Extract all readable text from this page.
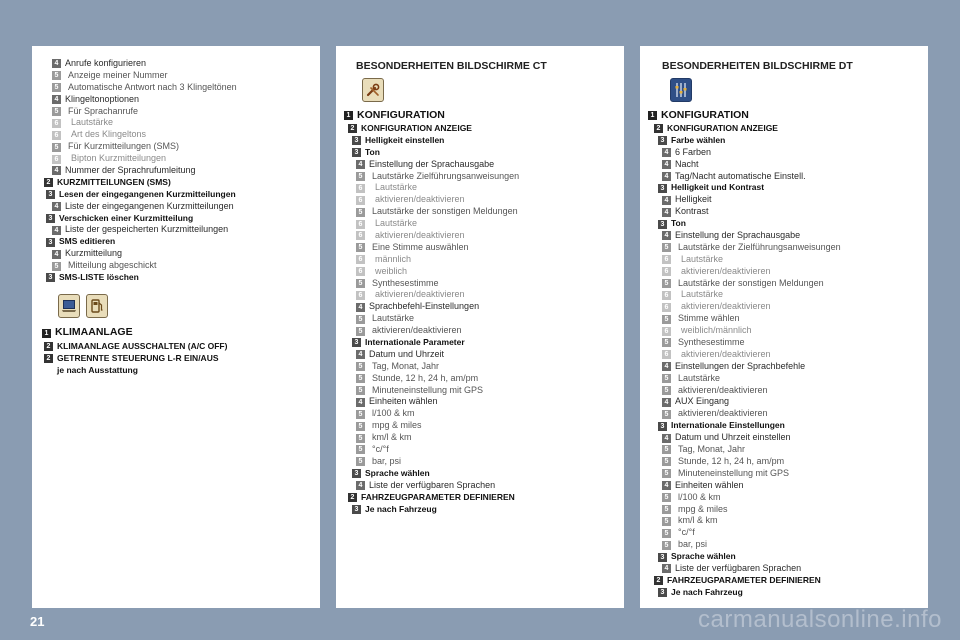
4 Anrufe konfigurieren
5	Anzeige meiner Nummer
5	Automatische Antwort nach 3 Klingeltönen
4 Klingeltonoptionen
5	Für Sprachanrufe
6	Lautstärke
6	Art des Klingeltons
5	Für Kurzmitteilungen (SMS)
6	Bipton Kurzmitteilungen
4 Nummer der Sprachrufumleitung
2 KURZMITTEILUNGEN (SMS)
3 Lesen der eingegangenen Kurzmitteilungen
4 Liste der eingegangenen Kurzmitteilungen
3 Verschicken einer Kurzmitteilung
4 Liste der gespeicherten Kurzmitteilungen
3 SMS editieren
4 Kurzmitteilung
5	Mitteilung abgeschickt
3 SMS-LISTE löschen
1 KLIMAANLAGE
2 KLIMAANLAGE AUSSCHALTEN (A/C OFF)
2 GETRENNTE STEUERUNG L-R EIN/AUS
je nach Ausstattung
BESONDERHEITEN BILDSCHIRME CT
1 KONFIGURATION
2 KONFIGURATION ANZEIGE
3 Helligkeit einstellen
3 Ton
4 Einstellung der Sprachausgabe
5	Lautstärke Zielführungsanweisungen
6	Lautstärke
6	aktivieren/deaktivieren
5	Lautstärke der sonstigen Meldungen
6	Lautstärke
6	aktivieren/deaktivieren
5	Eine Stimme auswählen
6	männlich
6	weiblich
5	Synthesestimme
6	aktivieren/deaktivieren
4 Sprachbefehl-Einstellungen
5	Lautstärke
5	aktivieren/deaktivieren
3 Internationale Parameter
4 Datum und Uhrzeit
5	Tag, Monat, Jahr
5	Stunde, 12 h, 24 h, am/pm
5	Minuteneinstellung mit GPS
4 Einheiten wählen
5	l/100 & km
5	mpg & miles
5	km/l & km
5	°c/°f
5	bar, psi
3 Sprache wählen
4 Liste der verfügbaren Sprachen
2 FAHRZEUGPARAMETER DEFINIEREN
3 Je nach Fahrzeug
BESONDERHEITEN BILDSCHIRME DT
1 KONFIGURATION
2 KONFIGURATION ANZEIGE
3 Farbe wählen
4 6 Farben
4 Nacht
4 Tag/Nacht automatische Einstell.
3 Helligkeit und Kontrast
4 Helligkeit
4 Kontrast
3 Ton
4 Einstellung der Sprachausgabe
5	Lautstärke der Zielführungsanweisungen
6	Lautstärke
6	aktivieren/deaktivieren
5	Lautstärke der sonstigen Meldungen
6	Lautstärke
6	aktivieren/deaktivieren
5	Stimme wählen
6	weiblich/männlich
5	Synthesestimme
6	aktivieren/deaktivieren
4 Einstellungen der Sprachbefehle
5	Lautstärke
5	aktivieren/deaktivieren
4 AUX Eingang
5	aktivieren/deaktivieren
3 Internationale Einstellungen
4 Datum und Uhrzeit einstellen
5	Tag, Monat, Jahr
5	Stunde, 12 h, 24 h, am/pm
5	Minuteneinstellung mit GPS
4 Einheiten wählen
5	l/100 & km
5	mpg & miles
5	km/l & km
5	°c/°f
5	bar, psi
3 Sprache wählen
4 Liste der verfügbaren Sprachen
2 FAHRZEUGPARAMETER DEFINIEREN
3 Je nach Fahrzeug
21	carmanualsonline.info
